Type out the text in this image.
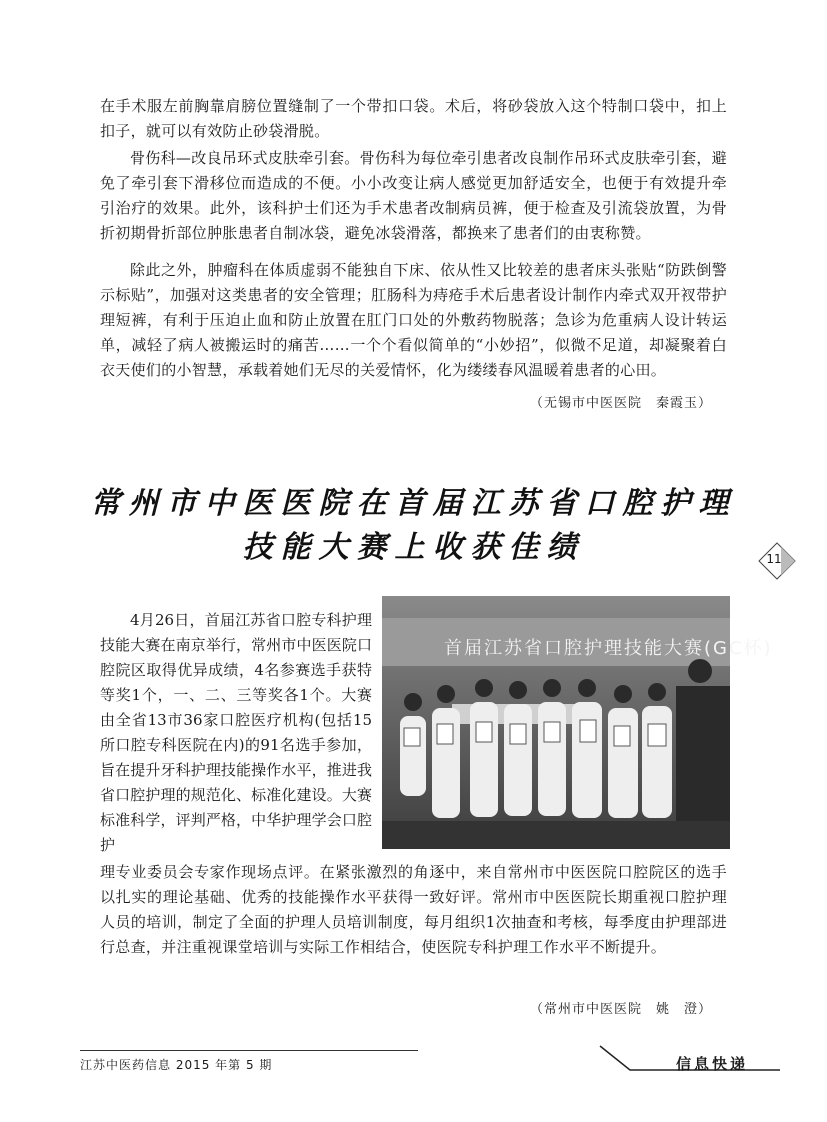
在手术服左前胸靠肩膀位置缝制了一个带扣口袋。术后，将砂袋放入这个特制口袋中，扣上扣子，就可以有效防止砂袋滑脱。

骨伤科—改良吊环式皮肤牵引套。骨伤科为每位牵引患者改良制作吊环式皮肤牵引套，避免了牵引套下滑移位而造成的不便。小小改变让病人感觉更加舒适安全，也便于有效提升牵引治疗的效果。此外，该科护士们还为手术患者改制病员裤，便于检查及引流袋放置，为骨折初期骨折部位肿胀患者自制冰袋，避免冰袋滑落，都换来了患者们的由衷称赞。

除此之外，肿瘤科在体质虚弱不能独自下床、依从性又比较差的患者床头张贴“防跌倒警示标贴”，加强对这类患者的安全管理；肛肠科为痔疮手术后患者设计制作内牵式双开衩带护理短裤，有利于压迫止血和防止放置在肛门口处的外敷药物脱落；急诊为危重病人设计转运单，减轻了病人被搬运时的痛苦……一个个看似简单的“小妙招”，似微不足道，却凝聚着白衣天使们的小智慧，承载着她们无尽的关爱情怀，化为缕缕春风温暖着患者的心田。

（无锡市中医医院　秦霞玉）
常州市中医医院在首届江苏省口腔护理
技能大赛上收获佳绩	11

4月26日，首届江苏省口腔专科护理技能大赛在南京举行，常州市中医医院口腔院区取得优异成绩，4名参赛选手获特等奖1个，一、二、三等奖各1个。大赛由全省13市36家口腔医疗机构(包括15所口腔专科医院在内)的91名选手参加，旨在提升牙科护理技能操作水平，推进我省口腔护理的规范化、标准化建设。大赛标准科学，评判严格，中华护理学会口腔护

首届江苏省口腔护理技能大赛(GC杯)

理专业委员会专家作现场点评。在紧张激烈的角逐中，来自常州市中医医院口腔院区的选手以扎实的理论基础、优秀的技能操作水平获得一致好评。常州市中医医院长期重视口腔护理人员的培训，制定了全面的护理人员培训制度，每月组织1次抽查和考核，每季度由护理部进行总查，并注重视课堂培训与实际工作相结合，使医院专科护理工作水平不断提升。

（常州市中医医院　姚　澄）
江苏中医药信息 2015 年第 5 期	信息快递
